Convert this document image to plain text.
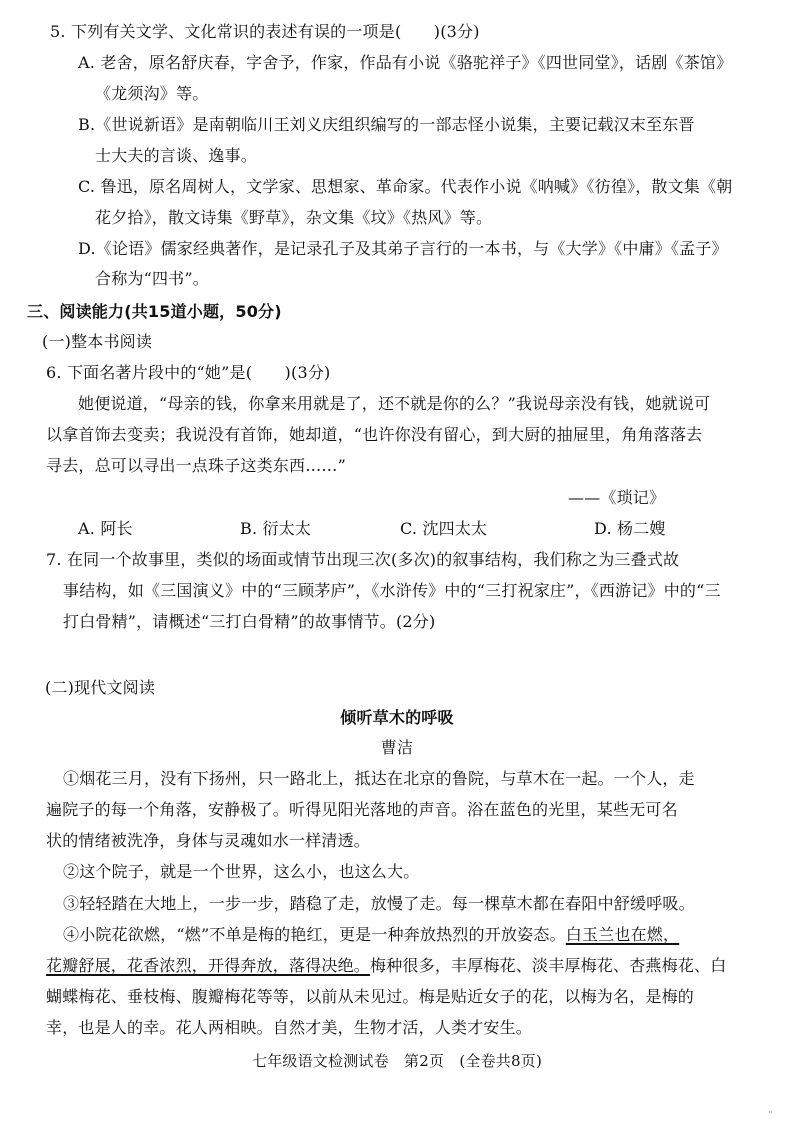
5. 下列有关文学、文化常识的表述有误的一项是(　　)(3分)
A. 老舍，原名舒庆春，字舍予，作家，作品有小说《骆驼祥子》《四世同堂》，话剧《茶馆》
《龙须沟》等。
B.《世说新语》是南朝临川王刘义庆组织编写的一部志怪小说集，主要记载汉末至东晋
士大夫的言谈、逸事。
C. 鲁迅，原名周树人，文学家、思想家、革命家。代表作小说《呐喊》《彷徨》，散文集《朝
花夕拾》，散文诗集《野草》，杂文集《坟》《热风》等。
D.《论语》儒家经典著作，是记录孔子及其弟子言行的一本书，与《大学》《中庸》《孟子》
合称为“四书”。
三、阅读能力(共15道小题，50分)
(一)整本书阅读
6. 下面名著片段中的“她”是(　　)(3分)
她便说道，“母亲的钱，你拿来用就是了，还不就是你的么？”我说母亲没有钱，她就说可
以拿首饰去变卖；我说没有首饰，她却道，“也许你没有留心，到大厨的抽屉里，角角落落去
寻去，总可以寻出一点珠子这类东西……”
——《琐记》
A. 阿长	B. 衍太太	C. 沈四太太	D. 杨二嫂
7. 在同一个故事里，类似的场面或情节出现三次(多次)的叙事结构，我们称之为三叠式故
事结构，如《三国演义》中的“三顾茅庐”，《水浒传》中的“三打祝家庄”，《西游记》中的“三
打白骨精”，请概述“三打白骨精”的故事情节。(2分)
(二)现代文阅读
倾听草木的呼吸
曹洁
①烟花三月，没有下扬州，只一路北上，抵达在北京的鲁院，与草木在一起。一个人，走
遍院子的每一个角落，安静极了。听得见阳光落地的声音。浴在蓝色的光里，某些无可名
状的情绪被洗净，身体与灵魂如水一样清透。
②这个院子，就是一个世界，这么小，也这么大。
③轻轻踏在大地上，一步一步，踏稳了走，放慢了走。每一棵草木都在春阳中舒缓呼吸。
④小院花欲燃，“燃”不单是梅的艳红，更是一种奔放热烈的开放姿态。白玉兰也在燃，
花瓣舒展，花香浓烈，开得奔放，落得决绝。梅种很多，丰厚梅花、淡丰厚梅花、杏燕梅花、白
蝴蝶梅花、垂枝梅、腹瓣梅花等等，以前从未见过。梅是贴近女子的花，以梅为名，是梅的
幸，也是人的幸。花人两相映。自然才美，生物才活，人类才安生。
七年级语文检测试卷　第2页　(全卷共8页)
··
